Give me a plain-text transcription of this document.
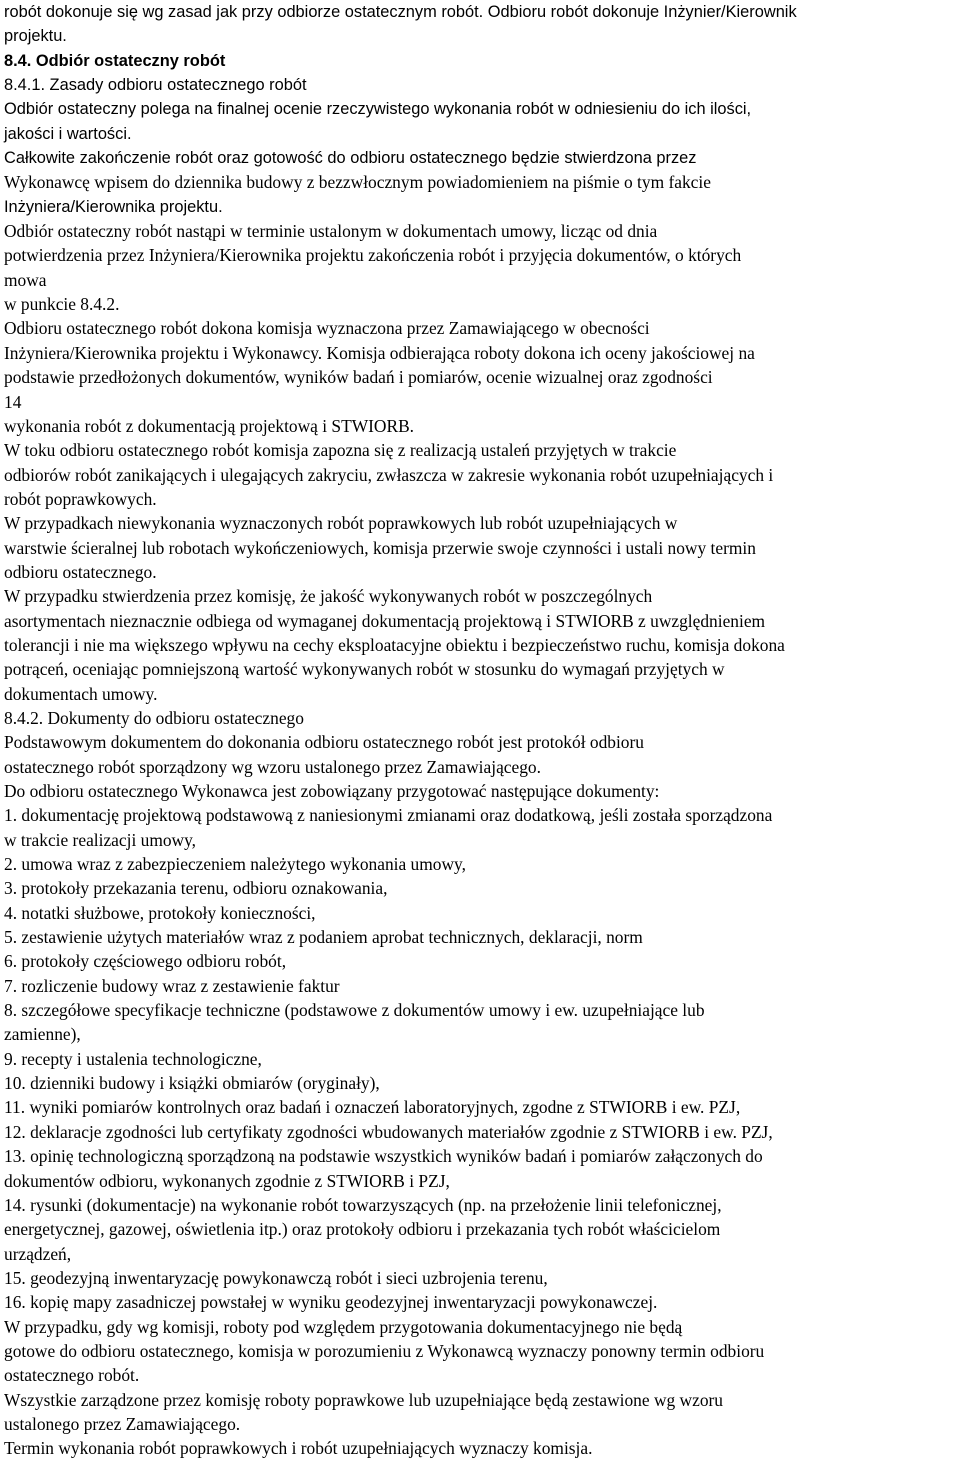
robót dokonuje się wg zasad jak przy odbiorze ostatecznym robót. Odbioru robót dokonuje Inżynier/Kierownik
projektu.
8.4. Odbiór ostateczny robót
8.4.1. Zasady odbioru ostatecznego robót
Odbiór ostateczny polega na finalnej ocenie rzeczywistego wykonania robót w odniesieniu do ich ilości,
jakości i wartości.
Całkowite zakończenie robót oraz gotowość do odbioru ostatecznego będzie stwierdzona przez
Wykonawcę wpisem do dziennika budowy z bezzwłocznym powiadomieniem na piśmie o tym fakcie
Inżyniera/Kierownika projektu.
Odbiór ostateczny robót nastąpi w terminie ustalonym w dokumentach umowy, licząc od dnia
potwierdzenia przez Inżyniera/Kierownika projektu zakończenia robót i przyjęcia dokumentów, o których
mowa
w punkcie 8.4.2.
Odbioru ostatecznego robót dokona komisja wyznaczona przez Zamawiającego w obecności
Inżyniera/Kierownika projektu i Wykonawcy. Komisja odbierająca roboty dokona ich oceny jakościowej na
podstawie przedłożonych dokumentów, wyników badań i pomiarów, ocenie wizualnej oraz zgodności
14
wykonania robót z dokumentacją projektową i STWIORB.
W toku odbioru ostatecznego robót komisja zapozna się z realizacją ustaleń przyjętych w trakcie
odbiorów robót zanikających i ulegających zakryciu, zwłaszcza w zakresie wykonania robót uzupełniających i
robót poprawkowych.
W przypadkach niewykonania wyznaczonych robót poprawkowych lub robót uzupełniających w
warstwie ścieralnej lub robotach wykończeniowych, komisja przerwie swoje czynności i ustali nowy termin
odbioru ostatecznego.
W przypadku stwierdzenia przez komisję, że jakość wykonywanych robót w poszczególnych
asortymentach nieznacznie odbiega od wymaganej dokumentacją projektową i STWIORB z uwzględnieniem
tolerancji i nie ma większego wpływu na cechy eksploatacyjne obiektu i bezpieczeństwo ruchu, komisja dokona
potrąceń, oceniając pomniejszoną wartość wykonywanych robót w stosunku do wymagań przyjętych w
dokumentach umowy.
8.4.2. Dokumenty do odbioru ostatecznego
Podstawowym dokumentem do dokonania odbioru ostatecznego robót jest protokół odbioru
ostatecznego robót sporządzony wg wzoru ustalonego przez Zamawiającego.
Do odbioru ostatecznego Wykonawca jest zobowiązany przygotować następujące dokumenty:
1. dokumentację projektową podstawową z naniesionymi zmianami oraz dodatkową, jeśli została sporządzona
w trakcie realizacji umowy,
2. umowa wraz z zabezpieczeniem należytego wykonania umowy,
3. protokoły przekazania terenu, odbioru oznakowania,
4. notatki służbowe, protokoły konieczności,
5. zestawienie użytych materiałów wraz z podaniem aprobat technicznych, deklaracji, norm
6. protokoły częściowego odbioru robót,
7. rozliczenie budowy wraz z zestawienie faktur
8. szczegółowe specyfikacje techniczne (podstawowe z dokumentów umowy i ew. uzupełniające lub
zamienne),
9. recepty i ustalenia technologiczne,
10. dzienniki budowy i książki obmiarów (oryginały),
11. wyniki pomiarów kontrolnych oraz badań i oznaczeń laboratoryjnych, zgodne z STWIORB i ew. PZJ,
12. deklaracje zgodności lub certyfikaty zgodności wbudowanych materiałów zgodnie z STWIORB i ew. PZJ,
13. opinię technologiczną sporządzoną na podstawie wszystkich wyników badań i pomiarów załączonych do
dokumentów odbioru, wykonanych zgodnie z STWIORB i PZJ,
14. rysunki (dokumentacje) na wykonanie robót towarzyszących (np. na przełożenie linii telefonicznej,
energetycznej, gazowej, oświetlenia itp.) oraz protokoły odbioru i przekazania tych robót właścicielom
urządzeń,
15. geodezyjną inwentaryzację powykonawczą robót i sieci uzbrojenia terenu,
16. kopię mapy zasadniczej powstałej w wyniku geodezyjnej inwentaryzacji powykonawczej.
W przypadku, gdy wg komisji, roboty pod względem przygotowania dokumentacyjnego nie będą
gotowe do odbioru ostatecznego, komisja w porozumieniu z Wykonawcą wyznaczy ponowny termin odbioru
ostatecznego robót.
Wszystkie zarządzone przez komisję roboty poprawkowe lub uzupełniające będą zestawione wg wzoru
ustalonego przez Zamawiającego.
Termin wykonania robót poprawkowych i robót uzupełniających wyznaczy komisja.
